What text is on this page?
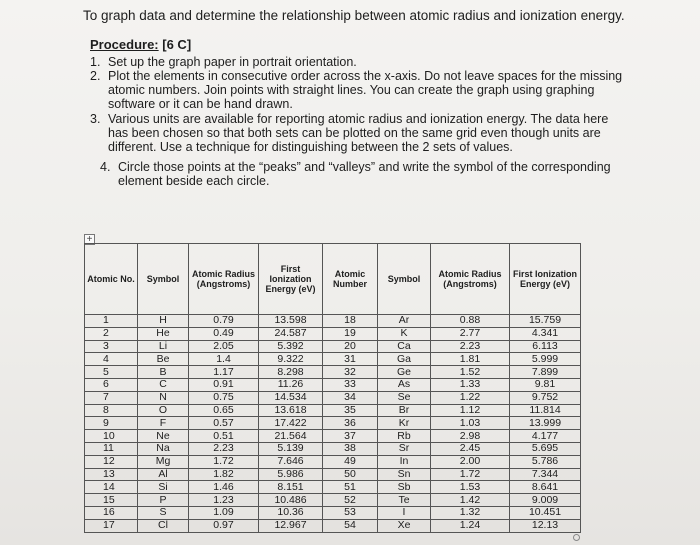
To graph data and determine the relationship between atomic radius and ionization energy.
Procedure: [6 C]
1. Set up the graph paper in portrait orientation.
2. Plot the elements in consecutive order across the x-axis. Do not leave spaces for the missing atomic numbers. Join points with straight lines. You can create the graph using graphing software or it can be hand drawn.
3. Various units are available for reporting atomic radius and ionization energy. The data here has been chosen so that both sets can be plotted on the same grid even though units are different. Use a technique for distinguishing between the 2 sets of values.
4. Circle those points at the “peaks” and “valleys” and write the symbol of the corresponding element beside each circle.
+
Atomic No.	Symbol	Atomic Radius (Angstroms)	First Ionization Energy (eV)	Atomic Number	Symbol	Atomic Radius (Angstroms)	First Ionization Energy (eV)
1	H	0.79	13.598	18	Ar	0.88	15.759
2	He	0.49	24.587	19	K	2.77	4.341
3	Li	2.05	5.392	20	Ca	2.23	6.113
4	Be	1.4	9.322	31	Ga	1.81	5.999
5	B	1.17	8.298	32	Ge	1.52	7.899
6	C	0.91	11.26	33	As	1.33	9.81
7	N	0.75	14.534	34	Se	1.22	9.752
8	O	0.65	13.618	35	Br	1.12	11.814
9	F	0.57	17.422	36	Kr	1.03	13.999
10	Ne	0.51	21.564	37	Rb	2.98	4.177
11	Na	2.23	5.139	38	Sr	2.45	5.695
12	Mg	1.72	7.646	49	In	2.00	5.786
13	Al	1.82	5.986	50	Sn	1.72	7.344
14	Si	1.46	8.151	51	Sb	1.53	8.641
15	P	1.23	10.486	52	Te	1.42	9.009
16	S	1.09	10.36	53	I	1.32	10.451
17	Cl	0.97	12.967	54	Xe	1.24	12.13
